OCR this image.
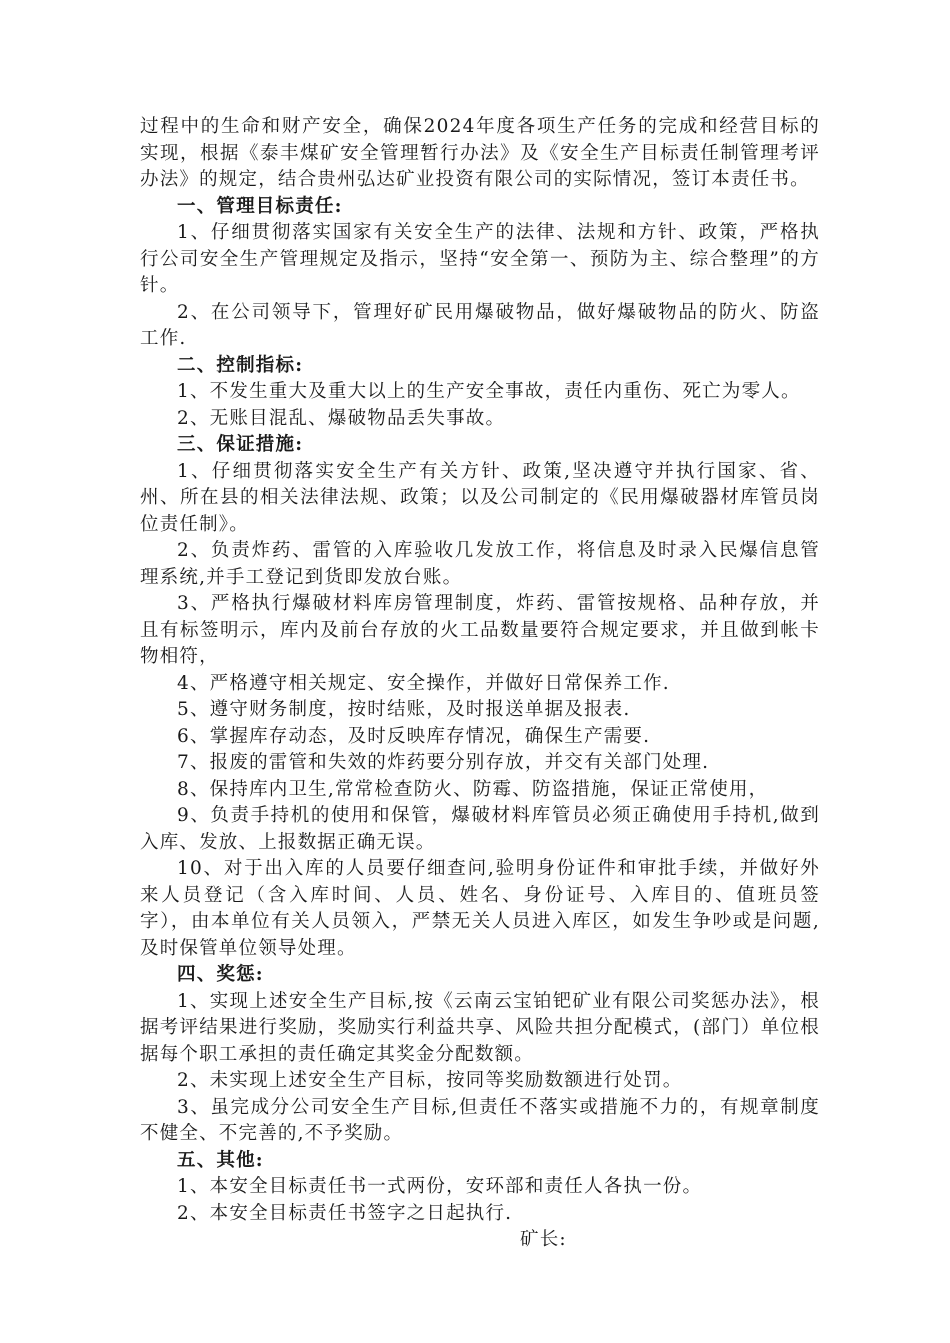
过程中的生命和财产安全，确保2024年度各项生产任务的完成和经营目标的实现，根据《泰丰煤矿安全管理暂行办法》及《安全生产目标责任制管理考评办法》的规定，结合贵州弘达矿业投资有限公司的实际情况，签订本责任书。

一、管理目标责任:

1、仔细贯彻落实国家有关安全生产的法律、法规和方针、政策，严格执行公司安全生产管理规定及指示，坚持“安全第一、预防为主、综合整理”的方针。

2、在公司领导下，管理好矿民用爆破物品，做好爆破物品的防火、防盗工作.

二、控制指标:

1、不发生重大及重大以上的生产安全事故，责任内重伤、死亡为零人。

2、无账目混乱、爆破物品丢失事故。

三、保证措施:

1、仔细贯彻落实安全生产有关方针、政策,坚决遵守并执行国家、省、州、所在县的相关法律法规、政策；以及公司制定的《民用爆破器材库管员岗位责任制》。

2、负责炸药、雷管的入库验收几发放工作，将信息及时录入民爆信息管理系统,并手工登记到货即发放台账。

3、严格执行爆破材料库房管理制度，炸药、雷管按规格、品种存放，并且有标签明示，库内及前台存放的火工品数量要符合规定要求，并且做到帐卡物相符，

4、严格遵守相关规定、安全操作，并做好日常保养工作.

5、遵守财务制度，按时结账，及时报送单据及报表.

6、掌握库存动态，及时反映库存情况，确保生产需要.

7、报废的雷管和失效的炸药要分别存放，并交有关部门处理.

8、保持库内卫生,常常检查防火、防霉、防盗措施，保证正常使用，

9、负责手持机的使用和保管，爆破材料库管员必须正确使用手持机,做到入库、发放、上报数据正确无误。

10、对于出入库的人员要仔细查问,验明身份证件和审批手续，并做好外来人员登记（含入库时间、人员、姓名、身份证号、入库目的、值班员签字），由本单位有关人员领入，严禁无关人员进入库区，如发生争吵或是问题,及时保管单位领导处理。

四、奖惩:

1、实现上述安全生产目标,按《云南云宝铂钯矿业有限公司奖惩办法》，根据考评结果进行奖励，奖励实行利益共享、风险共担分配模式，(部门）单位根据每个职工承担的责任确定其奖金分配数额。

2、未实现上述安全生产目标，按同等奖励数额进行处罚。

3、虽完成分公司安全生产目标,但责任不落实或措施不力的，有规章制度不健全、不完善的,不予奖励。

五、其他:

1、本安全目标责任书一式两份，安环部和责任人各执一份。

2、本安全目标责任书签字之日起执行.

矿长:
